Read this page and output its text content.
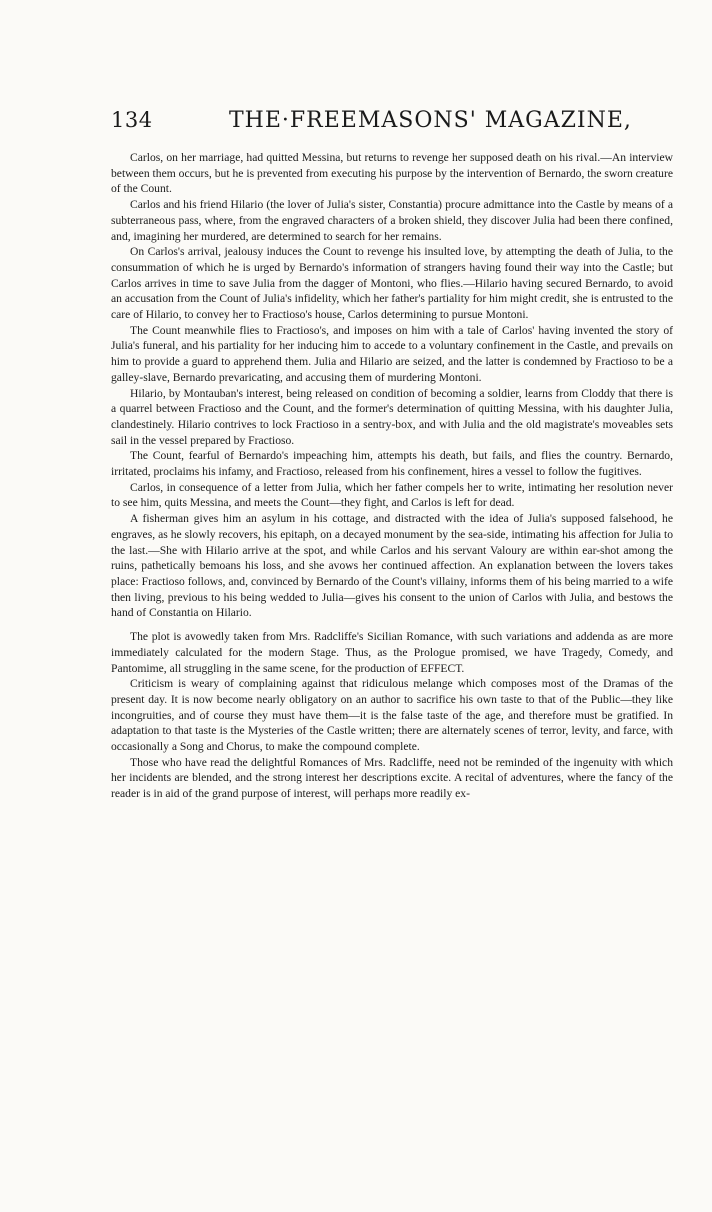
134	THE·FREEMASONS' MAGAZINE,

Carlos, on her marriage, had quitted Messina, but returns to revenge her supposed death on his rival.—An interview between them occurs, but he is prevented from executing his purpose by the intervention of Bernardo, the sworn creature of the Count.

Carlos and his friend Hilario (the lover of Julia's sister, Constantia) procure admittance into the Castle by means of a subterraneous pass, where, from the engraved characters of a broken shield, they discover Julia had been there confined, and, imagining her murdered, are determined to search for her remains.

On Carlos's arrival, jealousy induces the Count to revenge his insulted love, by attempting the death of Julia, to the consummation of which he is urged by Bernardo's information of strangers having found their way into the Castle; but Carlos arrives in time to save Julia from the dagger of Montoni, who flies.—Hilario having secured Bernardo, to avoid an accusation from the Count of Julia's infidelity, which her father's partiality for him might credit, she is entrusted to the care of Hilario, to convey her to Fractioso's house, Carlos determining to pursue Montoni.

The Count meanwhile flies to Fractioso's, and imposes on him with a tale of Carlos' having invented the story of Julia's funeral, and his partiality for her inducing him to accede to a voluntary confinement in the Castle, and prevails on him to provide a guard to apprehend them. Julia and Hilario are seized, and the latter is condemned by Fractioso to be a galley-slave, Bernardo prevaricating, and accusing them of murdering Montoni.

Hilario, by Montauban's interest, being released on condition of becoming a soldier, learns from Cloddy that there is a quarrel between Fractioso and the Count, and the former's determination of quitting Messina, with his daughter Julia, clandestinely. Hilario contrives to lock Fractioso in a sentry-box, and with Julia and the old magistrate's moveables sets sail in the vessel prepared by Fractioso.

The Count, fearful of Bernardo's impeaching him, attempts his death, but fails, and flies the country. Bernardo, irritated, proclaims his infamy, and Fractioso, released from his confinement, hires a vessel to follow the fugitives.

Carlos, in consequence of a letter from Julia, which her father compels her to write, intimating her resolution never to see him, quits Messina, and meets the Count—they fight, and Carlos is left for dead.

A fisherman gives him an asylum in his cottage, and distracted with the idea of Julia's supposed falsehood, he engraves, as he slowly recovers, his epitaph, on a decayed monument by the sea-side, intimating his affection for Julia to the last.—She with Hilario arrive at the spot, and while Carlos and his servant Valoury are within ear-shot among the ruins, pathetically bemoans his loss, and she avows her continued affection. An explanation between the lovers takes place: Fractioso follows, and, convinced by Bernardo of the Count's villainy, informs them of his being married to a wife then living, previous to his being wedded to Julia—gives his consent to the union of Carlos with Julia, and bestows the hand of Constantia on Hilario.

The plot is avowedly taken from Mrs. Radcliffe's Sicilian Romance, with such variations and addenda as are more immediately calculated for the modern Stage. Thus, as the Prologue promised, we have Tragedy, Comedy, and Pantomime, all struggling in the same scene, for the production of EFFECT.

Criticism is weary of complaining against that ridiculous melange which composes most of the Dramas of the present day. It is now become nearly obligatory on an author to sacrifice his own taste to that of the Public—they like incongruities, and of course they must have them—it is the false taste of the age, and therefore must be gratified. In adaptation to that taste is the Mysteries of the Castle written; there are alternately scenes of terror, levity, and farce, with occasionally a Song and Chorus, to make the compound complete.

Those who have read the delightful Romances of Mrs. Radcliffe, need not be reminded of the ingenuity with which her incidents are blended, and the strong interest her descriptions excite. A recital of adventures, where the fancy of the reader is in aid of the grand purpose of interest, will perhaps more readily ex-
